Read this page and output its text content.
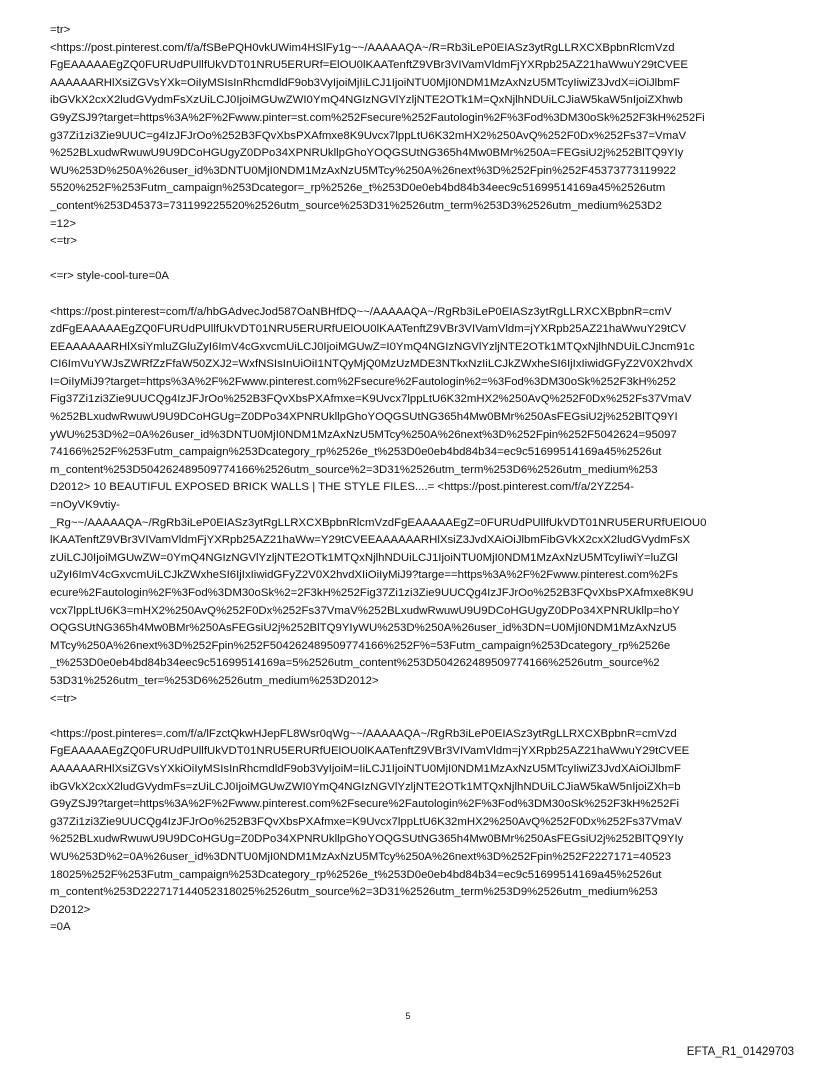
=tr>
<https://post.pinterest.com/f/a/fSBePQH0vkUWim4HSlFy1g~~/AAAAAQA~/R=Rb3iLeP0EIASz3ytRgLLRXCXBpbnRlcmVzd
FgEAAAAAEgZQ0FURUdPUllfUkVDT01NRU5ERURf=ElOU0lKAATenftZ9VBr3VIVamVldmFjYXRpb25AZ21haWwuY29tCVEE
AAAAAARHlXsiZGVsYXk=OiIyMSIsInRhcmdldF9ob3VyIjoiMjIiLCJ1IjoiNTU0MjI0NDM1MzAxNzU5MTcyIiwiZ3JvdX=iOiJlbmF
ibGVkX2cxX2ludGVydmFsXzUiLCJ0IjoiMGUwZWI0YmQ4NGIzNGVlYzljNTE2OTk1M=QxNjlhNDUiLCJiaW5kaW5nIjoiZXhwb
G9yZSJ9?target=https%3A%2F%2Fwww.pinter=st.com%252Fsecure%252Fautologin%2F%3Fod%3DM30oSk%252F3kH%252Fi
g37Zi1zi3Zie9UUC=g4IzJFJrOo%252B3FQvXbsPXAfmxe8K9Uvcx7lppLtU6K32mHX2%250AvQ%252F0Dx%252Fs37=VmaV
%252BLxudwRwuwU9U9DCoHGUgyZ0DPo34XPNRUkllpGhoYOQGSUtNG365h4Mw0BMr%250A=FEGsiU2j%252BlTQ9YIy
WU%253D%250A%26user_id%3DNTU0MjI0NDM1MzAxNzU5MTcy%250A%26next%3D%252Fpin%252F45373773119922
5520%252F%253Futm_campaign%253Dcategor=_rp%2526e_t%253D0e0eb4bd84b34eec9c51699514169a45%2526utm
_content%253D45373=731199225520%2526utm_source%253D31%2526utm_term%253D3%2526utm_medium%253D2
=12>
<=tr>
<=r> style-cool-ture=0A
<https://post.pinterest=com/f/a/hbGAdvecJod587OaNBHfDQ~~/AAAAAQA~/RgRb3iLeP0EIASz3ytRgLLRXCXBpbnR=cmV
zdFgEAAAAAEgZQ0FURUdPUllfUkVDT01NRU5ERURfUElOU0lKAATenftZ9VBr3VIVamVldm=jYXRpb25AZ21haWwuY29tCV
EEAAAAAARHlXsiYmluZGluZyI6ImV4cGxvcmUiLCJ0IjoiMGUwZ=I0YmQ4NGIzNGVlYzljNTE2OTk1MTQxNjlhNDUiLCJncm91c
CI6ImVuYWJsZWRfZzFfaW50ZXJ2=WxfNSIsInUiOiI1NTQyMjQ0MzUzMDE3NTkxNzIiLCJkZWxheSI6IjIxIiwidGFyZ2V0X2hvdX
I=OiIyMiJ9?target=https%3A%2F%2Fwww.pinterest.com%2Fsecure%2Fautologin%2=%3Fod%3DM30oSk%252F3kH%252
Fig37Zi1zi3Zie9UUCQg4IzJFJrOo%252B3FQvXbsPXAfmxe=K9Uvcx7lppLtU6K32mHX2%250AvQ%252F0Dx%252Fs37VmaV
%252BLxudwRwuwU9U9DCoHGUg=Z0DPo34XPNRUkllpGhoYOQGSUtNG365h4Mw0BMr%250AsFEGsiU2j%252BlTQ9YI
yWU%253D%2=0A%26user_id%3DNTU0MjI0NDM1MzAxNzU5MTcy%250A%26next%3D%252Fpin%252F5042624=95097
74166%252F%253Futm_campaign%253Dcategory_rp%2526e_t%253D0e0eb4bd84b34=ec9c51699514169a45%2526ut
m_content%253D504262489509774166%2526utm_source%2=3D31%2526utm_term%253D6%2526utm_medium%253
D2012> 10 BEAUTIFUL EXPOSED BRICK WALLS | THE STYLE FILES....= <https://post.pinterest.com/f/a/2YZ254-
=nOyVK9vtiy-
_Rg~~/AAAAAQA~/RgRb3iLeP0EIASz3ytRgLLRXCXBpbnRlcmVzdFgEAAAAAEgZ=0FURUdPUllfUkVDT01NRU5ERURfUElOU0
lKAATenftZ9VBr3VIVamVldmFjYXRpb25AZ21haWw=Y29tCVEEAAAAAARHlXsiZ3JvdXAiOiJlbmFibGVkX2cxX2ludGVydmFsX
zUiLCJ0IjoiMGUwZW=0YmQ4NGIzNGVlYzljNTE2OTk1MTQxNjlhNDUiLCJ1IjoiNTU0MjI0NDM1MzAxNzU5MTcyIiwiY=luZGl
uZyI6ImV4cGxvcmUiLCJkZWxheSI6IjIxIiwidGFyZ2V0X2hvdXIiOiIyMiJ9?targe==https%3A%2F%2Fwww.pinterest.com%2Fs
ecure%2Fautologin%2F%3Fod%3DM30oSk%2=2F3kH%252Fig37Zi1zi3Zie9UUCQg4IzJFJrOo%252B3FQvXbsPXAfmxe8K9U
vcx7lppLtU6K3=mHX2%250AvQ%252F0Dx%252Fs37VmaV%252BLxudwRwuwU9U9DCoHGUgyZ0DPo34XPNRUkllp=hoY
OQGSUtNG365h4Mw0BMr%250AsFEGsiU2j%252BlTQ9YIyWU%253D%250A%26user_id%3DN=U0MjI0NDM1MzAxNzU5
MTcy%250A%26next%3D%252Fpin%252F504262489509774166%252F%=53Futm_campaign%253Dcategory_rp%2526e
_t%253D0e0eb4bd84b34eec9c51699514169a=5%2526utm_content%253D504262489509774166%2526utm_source%2
53D31%2526utm_ter=%253D6%2526utm_medium%253D2012>
<=tr>
<https://post.pinteres=.com/f/a/lFzctQkwHJepFL8Wsr0qWg~~/AAAAAQA~/RgRb3iLeP0EIASz3ytRgLLRXCXBpbnR=cmVzd
FgEAAAAAEgZQ0FURUdPUllfUkVDT01NRU5ERURfUElOU0lKAATenftZ9VBr3VIVamVldm=jYXRpb25AZ21haWwuY29tCVEE
AAAAAARHlXsiZGVsYXkiOiIyMSIsInRhcmdldF9ob3VyIjoiM=IiLCJ1IjoiNTU0MjI0NDM1MzAxNzU5MTcyIiwiZ3JvdXAiOiJlbmF
ibGVkX2cxX2ludGVydmFs=zUiLCJ0IjoiMGUwZWI0YmQ4NGIzNGVlYzljNTE2OTk1MTQxNjlhNDUiLCJiaW5kaW5nIjoiZXh=b
G9yZSJ9?target=https%3A%2F%2Fwww.pinterest.com%2Fsecure%2Fautologin%2F%3Fod%3DM30oSk%252F3kH%252Fi
g37Zi1zi3Zie9UUCQg4IzJFJrOo%252B3FQvXbsPXAfmxe=K9Uvcx7lppLtU6K32mHX2%250AvQ%252F0Dx%252Fs37VmaV
%252BLxudwRwuwU9U9DCoHGUg=Z0DPo34XPNRUkllpGhoYOQGSUtNG365h4Mw0BMr%250AsFEGsiU2j%252BlTQ9YIy
WU%253D%2=0A%26user_id%3DNTU0MjI0NDM1MzAxNzU5MTcy%250A%26next%3D%252Fpin%252F2227171=40523
18025%252F%253Futm_campaign%253Dcategory_rp%2526e_t%253D0e0eb4bd84b34=ec9c51699514169a45%2526ut
m_content%253D222717144052318025%2526utm_source%2=3D31%2526utm_term%253D9%2526utm_medium%253
D2012>
=0A
5
EFTA_R1_01429703
